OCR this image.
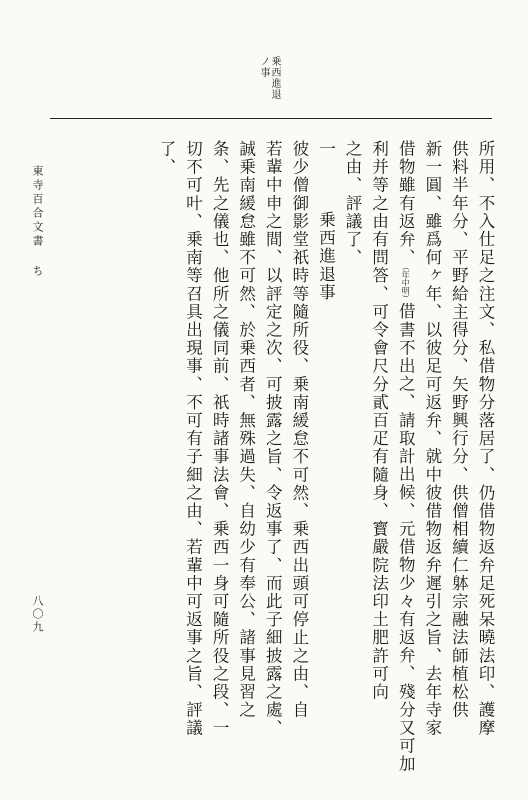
乗西進退
ノ事
所用、不入仕足之注文、私借物分落居了、仍借物返弁足死呆曉法印、護摩
供料半年分、平野給主得分、矢野興行分、供僧相續仁躰宗融法師植松供
新一圓、雖爲何ヶ年、以彼足可返弁、就中彼借物返弁遲引之旨、去年寺家
借物雖有返弁、（年中明）借書不出之、請取計出候、元借物少々有返弁、殘分又可加
利并等之由有問答、可令會尺分貳百疋有隨身、寳嚴院法印土肥許可向
之由、評議了、
一 乗西進退事
彼少僧御影堂祇時等隨所役、乗南緩怠不可然、乗西出頭可停止之由、自
若輩中申之間、以評定之次、可披露之旨、令返事了、而此子細披露之處、
誠乗南緩怠雖不可然、於乗西者、無殊過失、自幼少有奉公、諸事見習之
条、先之儀也、他所之儀同前、祇時諸事法會、乗西一身可隨所役之段、一
切不可叶、乗南等召具出現事、不可有子細之由、若輩中可返事之旨、評議
了、
東寺百合文書 ち
八〇九
